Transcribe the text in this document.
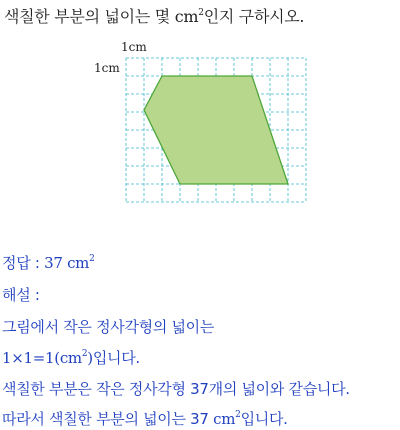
색칠한 부분의 넓이는 몇 $cm^2$인지 구하시오.
1cm
1cm
정답 : 37 $cm^2$
해설 :
그림에서 작은 정사각형의 넓이는
$1\times 1=1(cm^2)$입니다.
색칠한 부분은 작은 정사각형 37개의 넓이와 같습니다.
따라서 색칠한 부분의 넓이는 37 $cm^2$입니다.
